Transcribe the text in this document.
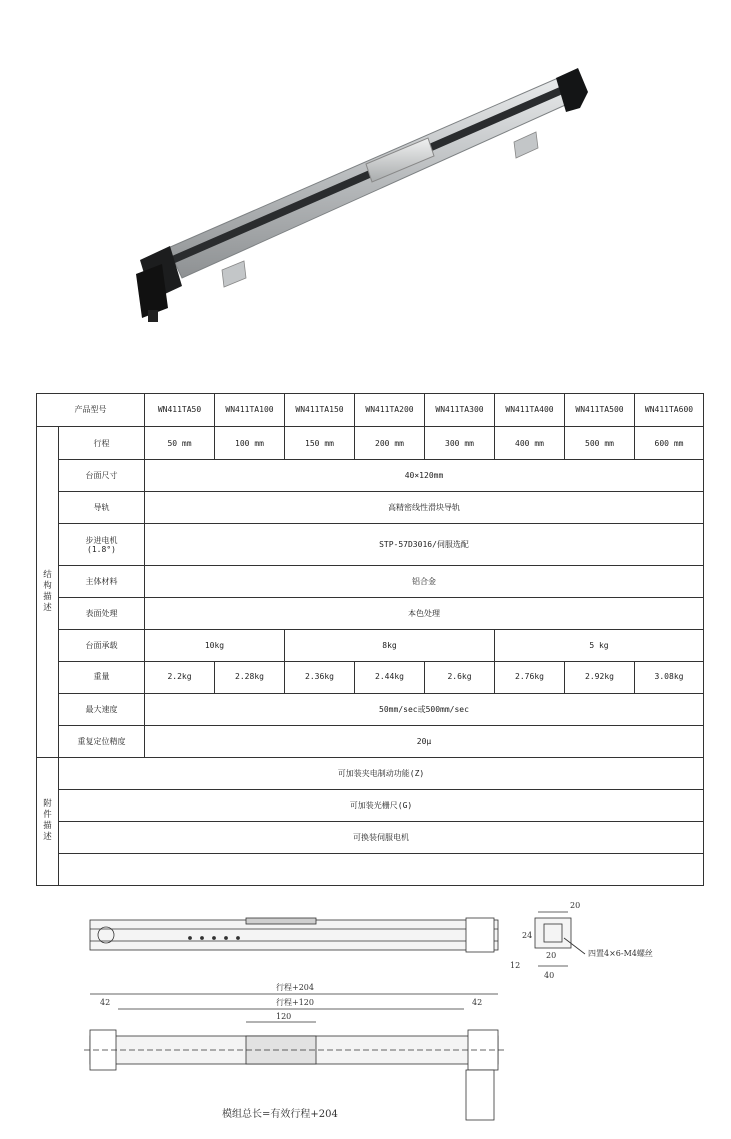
产品型号		WN411TA50	WN411TA100	WN411TA150	WN411TA200	WN411TA300	WN411TA400	WN411TA500	WN411TA600

结
构
描
述	行程	50 mm	100 mm	150 mm	200 mm	300 mm	400 mm	500 mm	600 mm
	台面尺寸	40×120mm							
	导轨	高精密线性滑块导轨							

	步进电机
(1.8°)	STP-57D3016/伺服选配							
	主体材料	铝合金							
	表面处理	本色处理							
	台面承载	10kg		8kg			5 kg		
	重量	2.2kg	2.28kg	2.36kg	2.44kg	2.6kg	2.76kg	2.92kg	3.08kg
	最大速度	50mm/sec或500mm/sec							
	重复定位精度	20μ							

附
件
描
述	可加装夹电制动功能(Z)								
	可加装光栅尺(G)								
	可换装伺服电机								

20
24
12
20
40
四置4×6-M4螺丝
行程+204
42	行程+120	42
120
模组总长=有效行程+204
